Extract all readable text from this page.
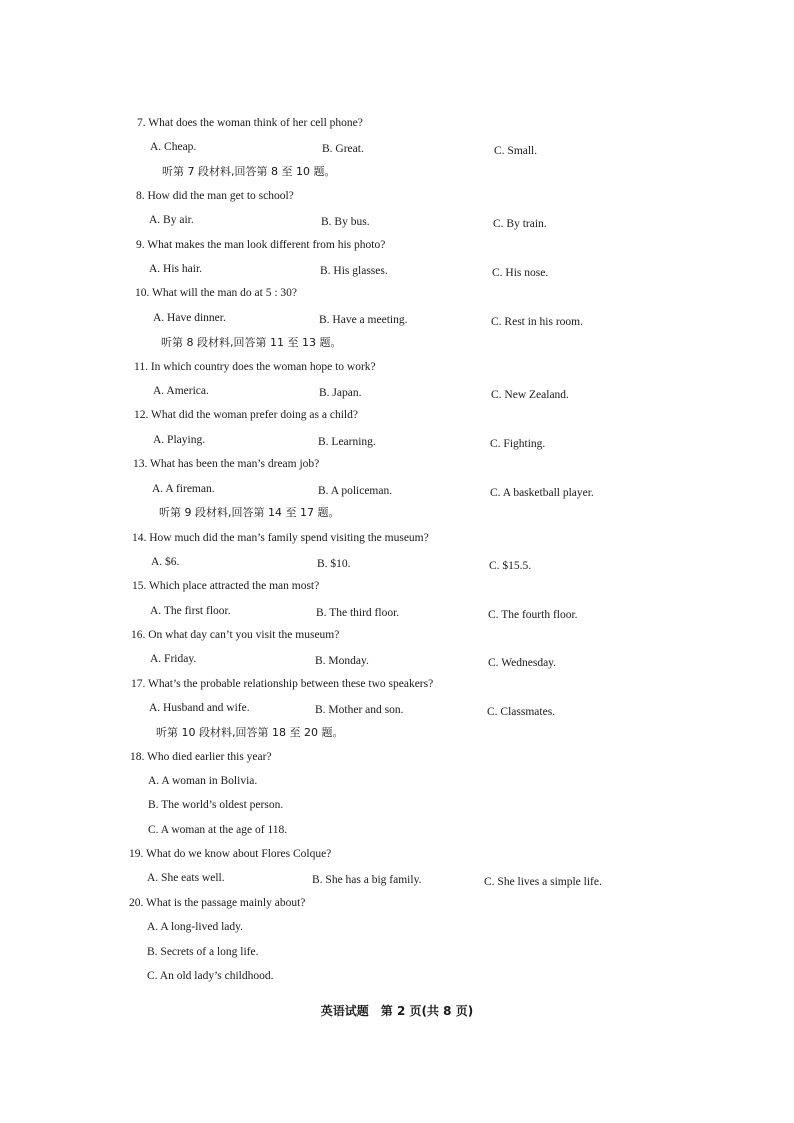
7. What does the woman think of her cell phone?
A. Cheap.	B. Great.	C. Small.
听第 7 段材料,回答第 8 至 10 题。
8. How did the man get to school?
A. By air.	B. By bus.	C. By train.
9. What makes the man look different from his photo?
A. His hair.	B. His glasses.	C. His nose.
10. What will the man do at 5 : 30?
A. Have dinner.	B. Have a meeting.	C. Rest in his room.
听第 8 段材料,回答第 11 至 13 题。
11. In which country does the woman hope to work?
A. America.	B. Japan.	C. New Zealand.
12. What did the woman prefer doing as a child?
A. Playing.	B. Learning.	C. Fighting.
13. What has been the man’s dream job?
A. A fireman.	B. A policeman.	C. A basketball player.
听第 9 段材料,回答第 14 至 17 题。
14. How much did the man’s family spend visiting the museum?
A. $6.	B. $10.	C. $15.5.
15. Which place attracted the man most?
A. The first floor.	B. The third floor.	C. The fourth floor.
16. On what day can’t you visit the museum?
A. Friday.	B. Monday.	C. Wednesday.
17. What’s the probable relationship between these two speakers?
A. Husband and wife.	B. Mother and son.	C. Classmates.
听第 10 段材料,回答第 18 至 20 题。
18. Who died earlier this year?
A. A woman in Bolivia.
B. The world’s oldest person.
C. A woman at the age of 118.
19. What do we know about Flores Colque?
A. She eats well.	B. She has a big family.	C. She lives a simple life.
20. What is the passage mainly about?
A. A long-lived lady.
B. Secrets of a long life.
C. An old lady’s childhood.
英语试题　第 2 页(共 8 页)
